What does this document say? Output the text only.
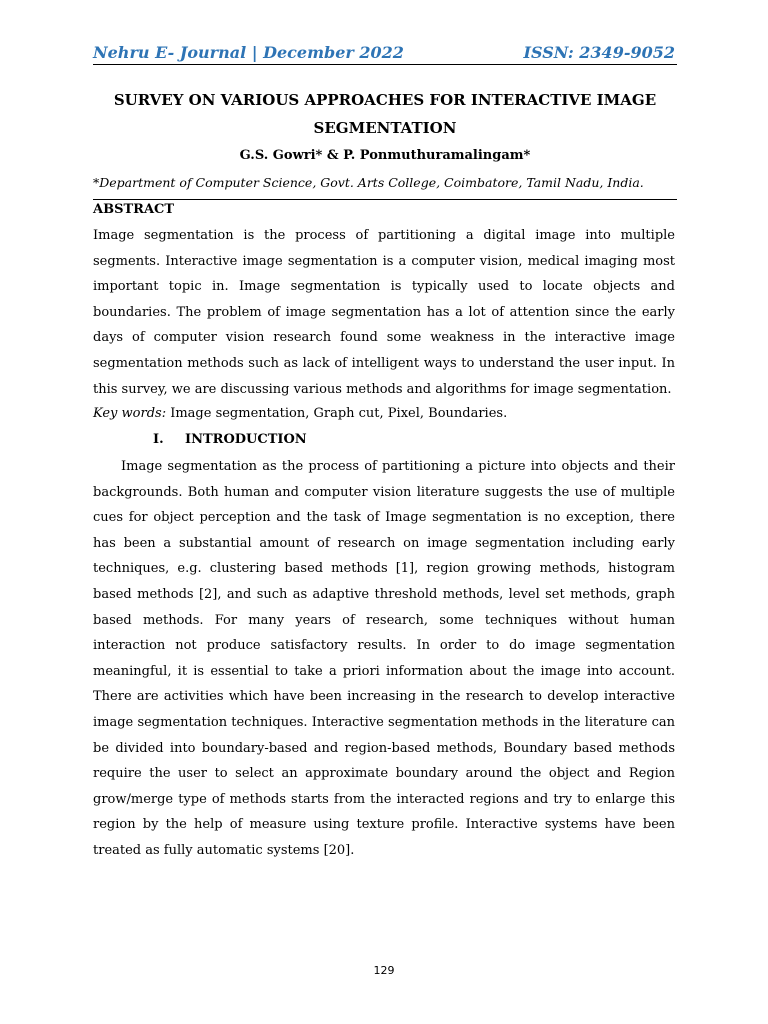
Nehru E- Journal | December 2022	ISSN: 2349-9052
SURVEY ON VARIOUS APPROACHES FOR INTERACTIVE IMAGE SEGMENTATION
G.S. Gowri* & P. Ponmuthuramalingam*
*Department of Computer Science, Govt. Arts College, Coimbatore, Tamil Nadu, India.
ABSTRACT

Image segmentation is the process of partitioning a digital image into multiple segments. Interactive image segmentation is a computer vision, medical imaging most important topic in. Image segmentation is typically used to locate objects and boundaries. The problem of image segmentation has a lot of attention since the early days of computer vision research found some weakness in the interactive image segmentation methods such as lack of intelligent ways to understand the user input. In this survey, we are discussing various methods and algorithms for image segmentation.

Key words: Image segmentation, Graph cut, Pixel, Boundaries.
I. INTRODUCTION

Image segmentation as the process of partitioning a picture into objects and their backgrounds. Both human and computer vision literature suggests the use of multiple cues for object perception and the task of Image segmentation is no exception, there has been a substantial amount of research on image segmentation including early techniques, e.g. clustering based methods [1], region growing methods, histogram based methods [2], and such as adaptive threshold methods, level set methods, graph based methods. For many years of research, some techniques without human interaction not produce satisfactory results. In order to do image segmentation meaningful, it is essential to take a priori information about the image into account. There are activities which have been increasing in the research to develop interactive image segmentation techniques. Interactive segmentation methods in the literature can be divided into boundary-based and region-based methods, Boundary based methods require the user to select an approximate boundary around the object and Region grow/merge type of methods starts from the interacted regions and try to enlarge this region by the help of measure using texture profile. Interactive systems have been treated as fully automatic systems [20].

129
